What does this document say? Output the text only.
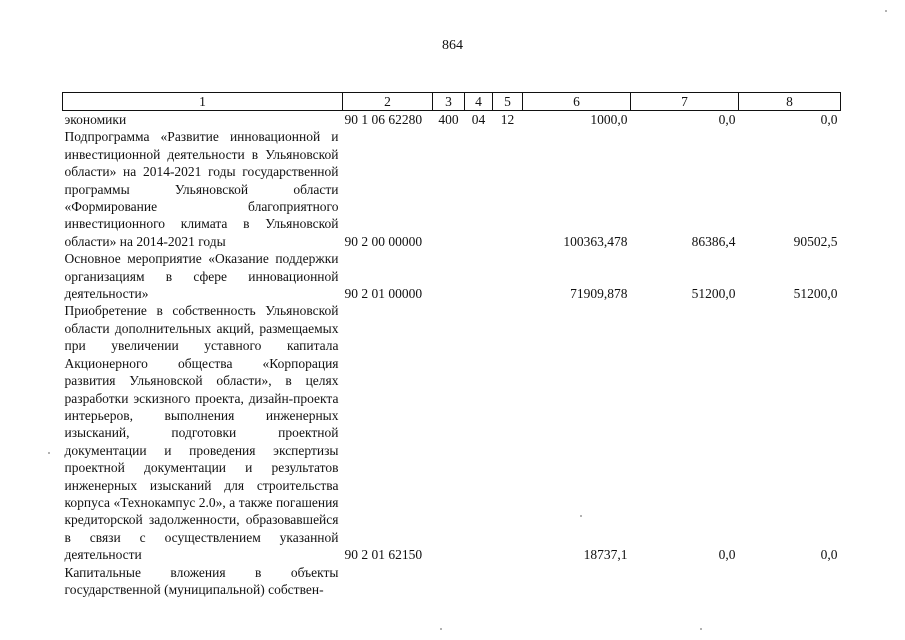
864
1	2	3	4	5	6	7	8
экономики	90 1 06 62280	400	04	12	1000,0	0,0	0,0
Подпрограмма «Развитие инновационной и инвестиционной деятельности в Ульяновской области» на 2014-2021 годы государственной программы Ульяновской области «Формирование благоприятного инвестиционного климата в Ульяновской области» на 2014-2021 годы	90 2 00 00000				100363,478	86386,4	90502,5
Основное мероприятие «Оказание поддержки организациям в сфере инновационной деятельности»	90 2 01 00000				71909,878	51200,0	51200,0
Приобретение в собственность Ульяновской области дополнительных акций, размещаемых при увеличении уставного капитала Акционерного общества «Корпорация развития Ульяновской области», в целях разработки эскизного проекта, дизайн-проекта интерьеров, выполнения инженерных изысканий, подготовки проектной документации и проведения экспертизы проектной документации и результатов инженерных изысканий для строительства корпуса «Технокампус 2.0», а также погашения кредиторской задолженности, образовавшейся в связи с осуществлением указанной деятельности	90 2 01 62150				18737,1	0,0	0,0
Капитальные вложения в объекты государственной (муниципальной) собствен-							
